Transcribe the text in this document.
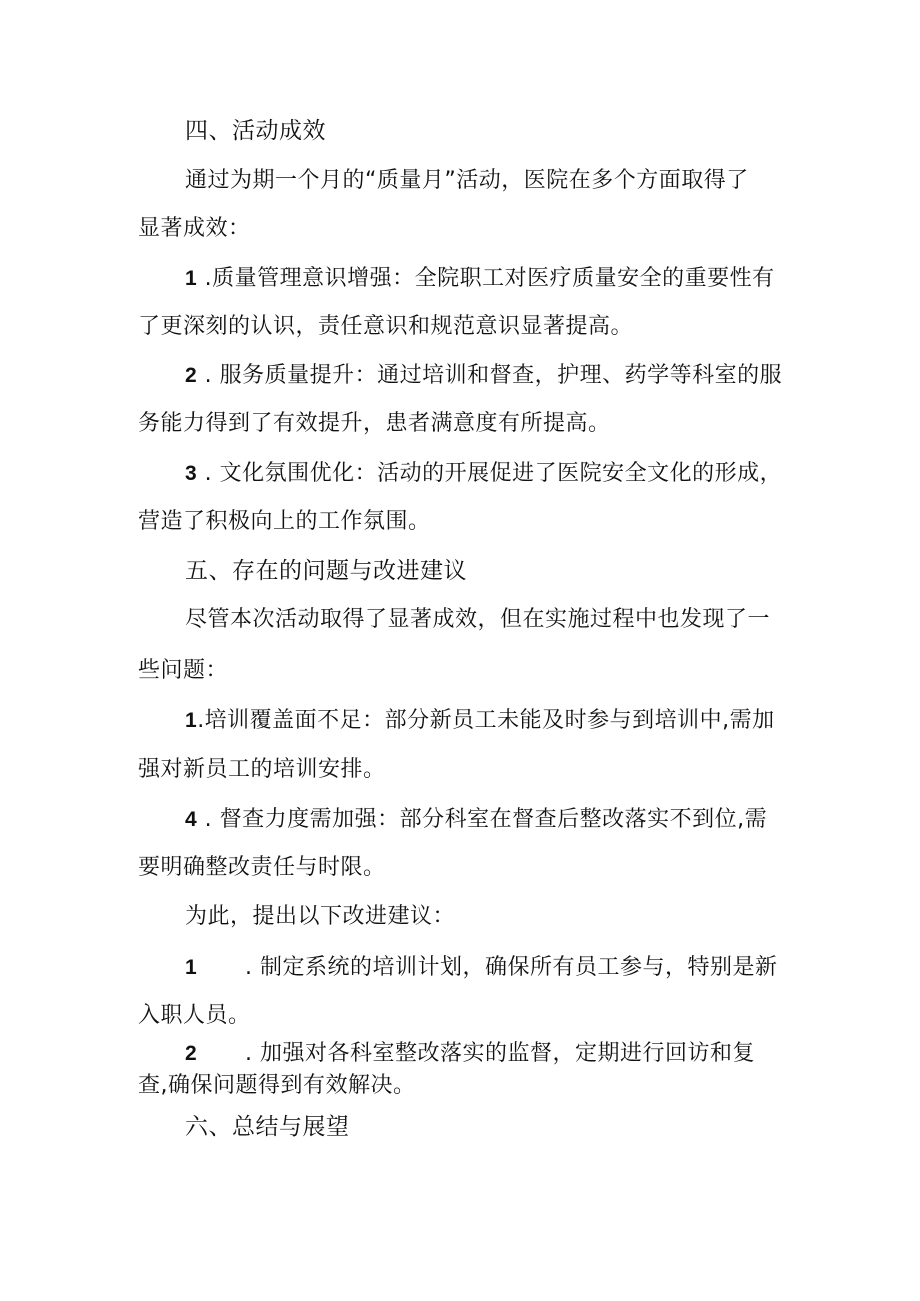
四、活动成效
通过为期一个月的“质量月”活动，医院在多个方面取得了
显著成效：
1 .质量管理意识增强：全院职工对医疗质量安全的重要性有
了更深刻的认识，责任意识和规范意识显著提高。
2 . 服务质量提升：通过培训和督查，护理、药学等科室的服
务能力得到了有效提升，患者满意度有所提高。
3 . 文化氛围优化：活动的开展促进了医院安全文化的形成，
营造了积极向上的工作氛围。
五、存在的问题与改进建议
尽管本次活动取得了显著成效，但在实施过程中也发现了一
些问题：
1.培训覆盖面不足：部分新员工未能及时参与到培训中,需加
强对新员工的培训安排。
4 . 督查力度需加强：部分科室在督查后整改落实不到位,需
要明确整改责任与时限。
为此，提出以下改进建议：
1 . 制定系统的培训计划，确保所有员工参与，特别是新
入职人员。
2 . 加强对各科室整改落实的监督，定期进行回访和复
查,确保问题得到有效解决。
六、总结与展望
